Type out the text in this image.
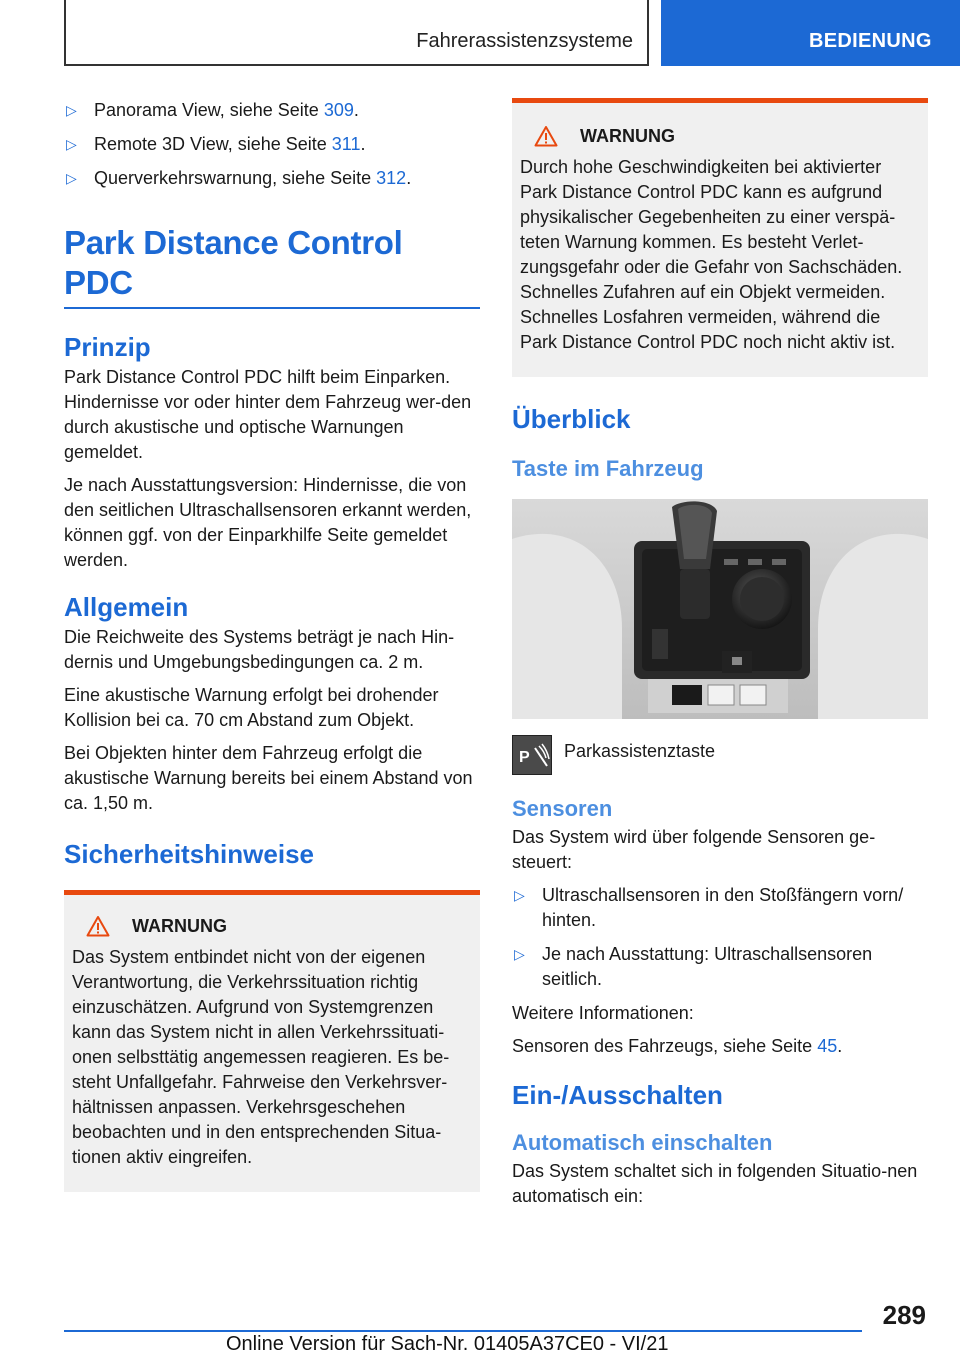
Fahrerassistenzsysteme	BEDIENUNG
▷ Panorama View, siehe Seite 309.
▷ Remote 3D View, siehe Seite 311.
▷ Querverkehrswarnung, siehe Seite 312.
Park Distance Control PDC
Prinzip

Park Distance Control PDC hilft beim Einparken. Hindernisse vor oder hinter dem Fahrzeug wer-den durch akustische und optische Warnungen gemeldet.

Je nach Ausstattungsversion: Hindernisse, die von den seitlichen Ultraschallsensoren erkannt werden, können ggf. von der Einparkhilfe Seite gemeldet werden.

Allgemein

Die Reichweite des Systems beträgt je nach Hin-dernis und Umgebungsbedingungen ca. 2 m.

Eine akustische Warnung erfolgt bei drohender Kollision bei ca. 70 cm Abstand zum Objekt.

Bei Objekten hinter dem Fahrzeug erfolgt die akustische Warnung bereits bei einem Abstand von ca. 1,50 m.

Sicherheitshinweise
WARNUNG

Das System entbindet nicht von der eigenen Verantwortung, die Verkehrssituation richtig einzuschätzen. Aufgrund von Systemgrenzen kann das System nicht in allen Verkehrssituati-onen selbsttätig angemessen reagieren. Es be-steht Unfallgefahr. Fahrweise den Verkehrsver-hältnissen anpassen. Verkehrsgeschehen beobachten und in den entsprechenden Situa-tionen aktiv eingreifen.

WARNUNG

Durch hohe Geschwindigkeiten bei aktivierter Park Distance Control PDC kann es aufgrund physikalischer Gegebenheiten zu einer verspä-teten Warnung kommen. Es besteht Verlet-zungsgefahr oder die Gefahr von Sachschäden. Schnelles Zufahren auf ein Objekt vermeiden. Schnelles Losfahren vermeiden, während die Park Distance Control PDC noch nicht aktiv ist.

Überblick
Taste im Fahrzeug
P Parkassistenztaste
Sensoren

Das System wird über folgende Sensoren ge-steuert:

▷ Ultraschallsensoren in den Stoßfängern vorn/ hinten.
▷ Je nach Ausstattung: Ultraschallsensoren seitlich.

Weitere Informationen:

Sensoren des Fahrzeugs, siehe Seite 45.

Ein-/Ausschalten
Automatisch einschalten

Das System schaltet sich in folgenden Situatio-nen automatisch ein:

289
Online Version für Sach-Nr. 01405A37CE0 - VI/21
